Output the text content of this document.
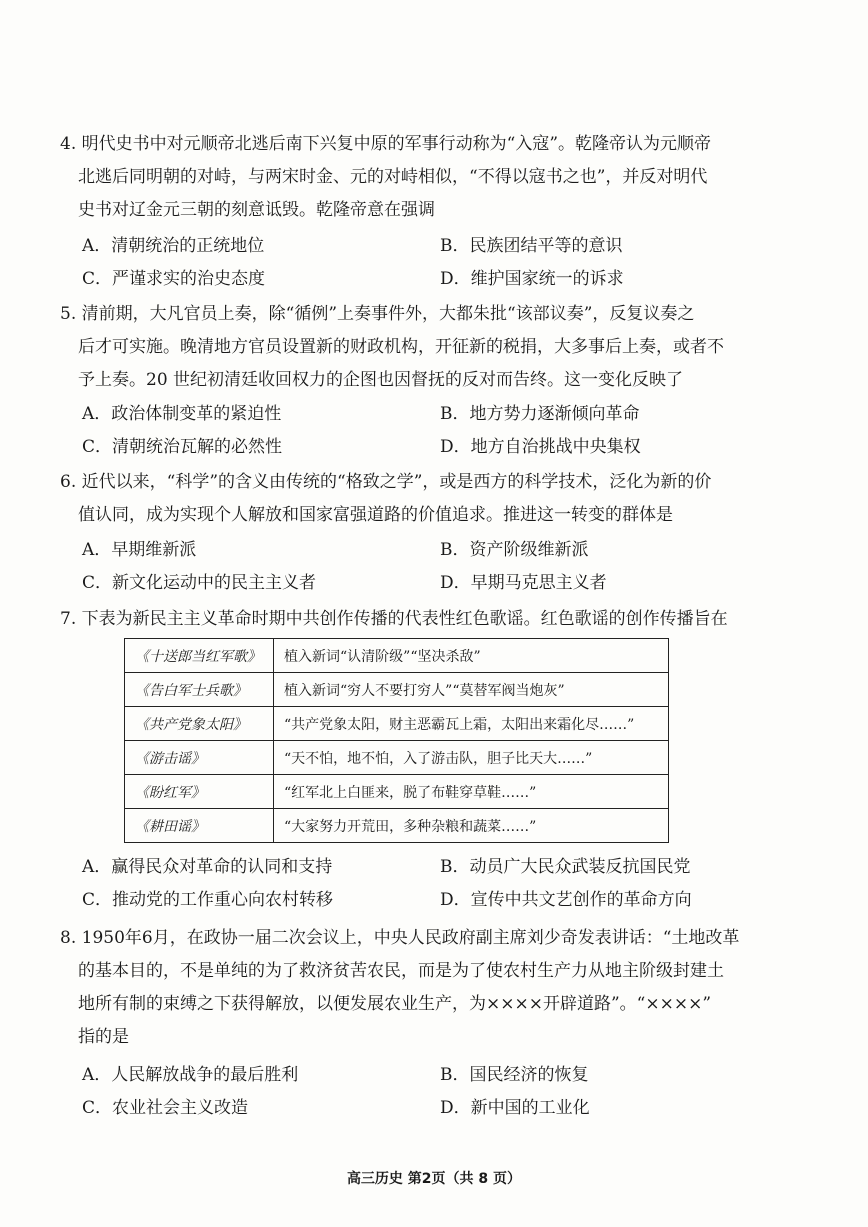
4. 明代史书中对元顺帝北逃后南下兴复中原的军事行动称为“入寇”。乾隆帝认为元顺帝
北逃后同明朝的对峙，与两宋时金、元的对峙相似，“不得以寇书之也”，并反对明代
史书对辽金元三朝的刻意诋毁。乾隆帝意在强调
A．清朝统治的正统地位	B．民族团结平等的意识
C．严谨求实的治史态度	D．维护国家统一的诉求
5. 清前期，大凡官员上奏，除“循例”上奏事件外，大都朱批“该部议奏”，反复议奏之
后才可实施。晚清地方官员设置新的财政机构，开征新的税捐，大多事后上奏，或者不
予上奏。20 世纪初清廷收回权力的企图也因督抚的反对而告终。这一变化反映了
A．政治体制变革的紧迫性	B．地方势力逐渐倾向革命
C．清朝统治瓦解的必然性	D．地方自治挑战中央集权
6. 近代以来，“科学”的含义由传统的“格致之学”，或是西方的科学技术，泛化为新的价
值认同，成为实现个人解放和国家富强道路的价值追求。推进这一转变的群体是
A．早期维新派	B．资产阶级维新派
C．新文化运动中的民主主义者	D．早期马克思主义者
7. 下表为新民主主义革命时期中共创作传播的代表性红色歌谣。红色歌谣的创作传播旨在
《十送郎当红军歌》	植入新词“认清阶级”“坚决杀敌”
《告白军士兵歌》	植入新词“穷人不要打穷人”“莫替军阀当炮灰”
《共产党象太阳》	“共产党象太阳，财主恶霸瓦上霜，太阳出来霜化尽……”
《游击谣》	“天不怕，地不怕，入了游击队，胆子比天大……”
《盼红军》	“红军北上白匪来，脱了布鞋穿草鞋……”
《耕田谣》	“大家努力开荒田，多种杂粮和蔬菜……”
A．赢得民众对革命的认同和支持	B．动员广大民众武装反抗国民党
C．推动党的工作重心向农村转移	D．宣传中共文艺创作的革命方向
8. 1950年6月，在政协一届二次会议上，中央人民政府副主席刘少奇发表讲话：“土地改革
的基本目的，不是单纯的为了救济贫苦农民，而是为了使农村生产力从地主阶级封建土
地所有制的束缚之下获得解放，以便发展农业生产，为××××开辟道路”。“××××”
指的是
A．人民解放战争的最后胜利	B．国民经济的恢复
C．农业社会主义改造	D．新中国的工业化
高三历史 第2页（共 8 页）
